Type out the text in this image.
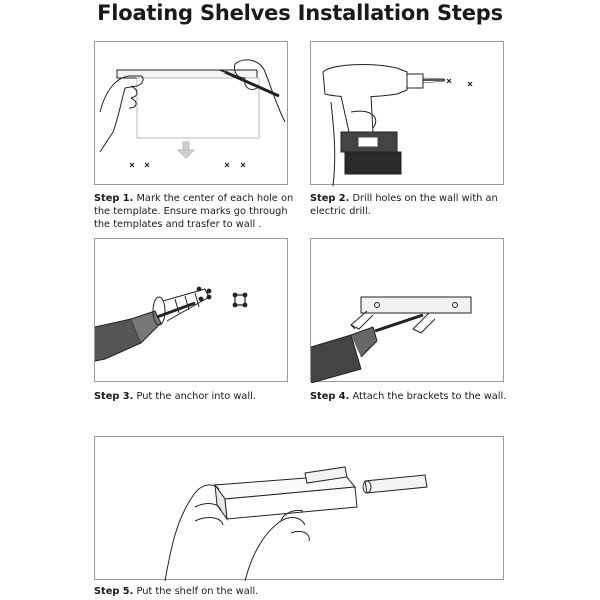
Floating Shelves Installation Steps
Step 1. Mark the center of each hole on the template. Ensure marks go through the templates and trasfer to wall .
Step 2. Drill holes on the wall with an electric drill.
Step 3. Put the anchor into wall.	Step 4. Attach the brackets to the wall.
Step 5. Put the shelf on the wall.
